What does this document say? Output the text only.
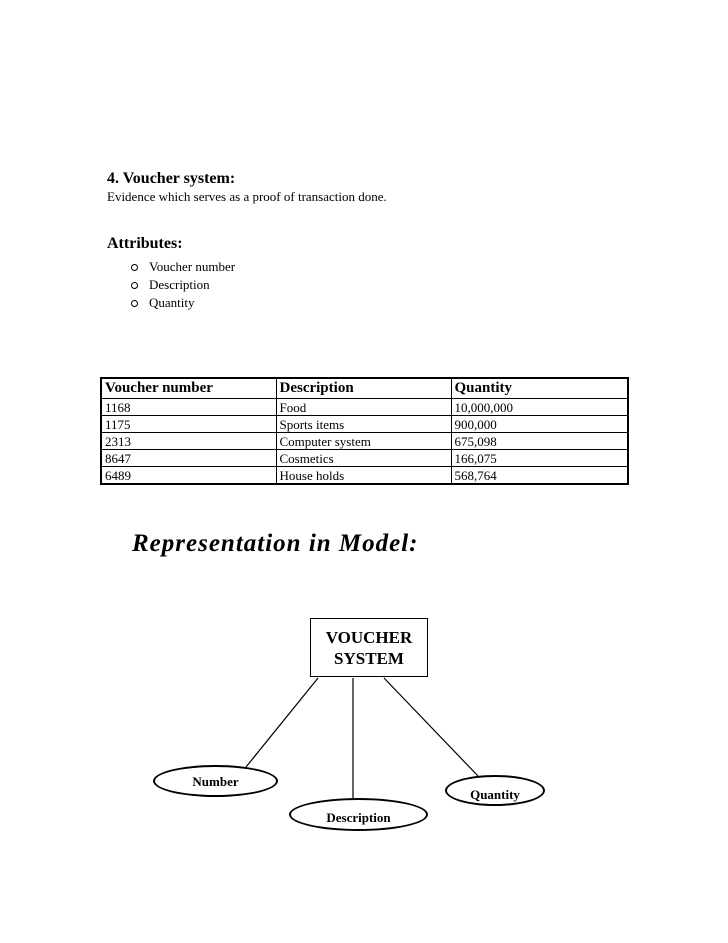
4. Voucher system:
Evidence which serves as a proof of transaction done.
Attributes:
Voucher number
Description
Quantity
Voucher number	Description	Quantity
1168	Food	10,000,000
1175	Sports items	900,000
2313	Computer system	675,098
8647	Cosmetics	166,075
6489	House holds	568,764
Representation in Model:
VOUCHER
SYSTEM
Number
Description
Quantity
